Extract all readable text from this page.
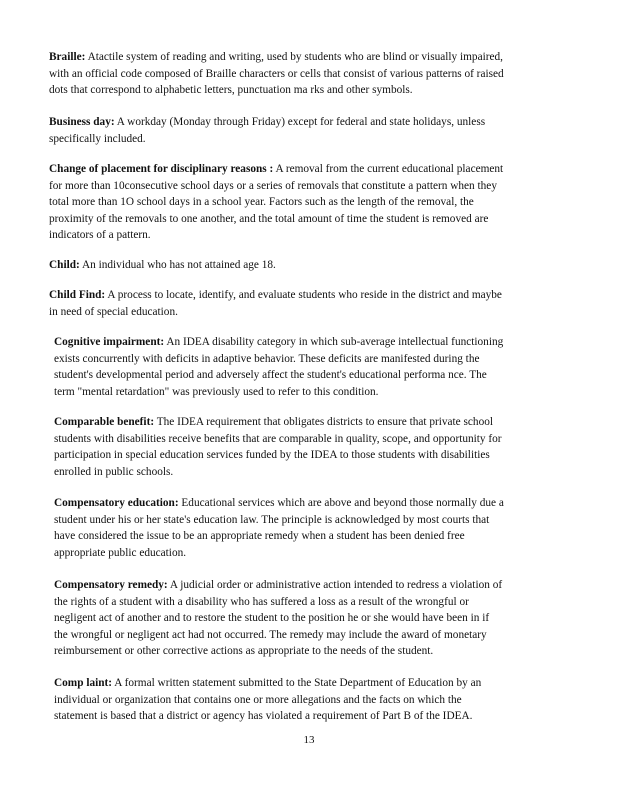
Braille: Atactile system of reading and writing, used by students who are blind or visually impaired,
with an official code composed of Braille characters or cells that consist of various patterns of raised
dots that correspond to alphabetic letters, punctuation ma rks and other symbols.
Business day: A workday (Monday through Friday) except for federal and state holidays, unless
specifically included.
Change of placement for disciplinary reasons : A removal from the current educational placement
for more than 10consecutive school days or a series of removals that constitute a pattern when they
total more than 1O school days in a school year. Factors such as the length of the removal, the
proximity of the removals to one another, and the total amount of time the student is removed are
indicators of a pattern.
Child: An individual who has not attained age 18.
Child Find: A process to locate, identify, and evaluate students who reside in the district and maybe
in need of special education.
Cognitive impairment: An IDEA disability category in which sub-average intellectual functioning
exists concurrently with deficits in adaptive behavior. These deficits are manifested during the
student's developmental period and adversely affect the student's educational performa nce. The
term "mental retardation" was previously used to refer to this condition.
Comparable benefit: The IDEA requirement that obligates districts to ensure that private school
students with disabilities receive benefits that are comparable in quality, scope, and opportunity for
participation in special education services funded by the IDEA to those students with disabilities
enrolled in public schools.
Compensatory education: Educational services which are above and beyond those normally due a
student under his or her state's education law. The principle is acknowledged by most courts that
have considered the issue to be an appropriate remedy when a student has been denied free
appropriate public education.
Compensatory remedy: A judicial order or administrative action intended to redress a violation of
the rights of a student with a disability who has suffered a loss as a result of the wrongful or
negligent act of another and to restore the student to the position he or she would have been in if
the wrongful or negligent act had not occurred. The remedy may include the award of monetary
reimbursement or other corrective actions as appropriate to the needs of the student.
Comp laint: A formal written statement submitted to the State Department of Education by an
individual or organization that contains one or more allegations and the facts on which the
statement is based that a district or agency has violated a requirement of Part B of the IDEA.
13
